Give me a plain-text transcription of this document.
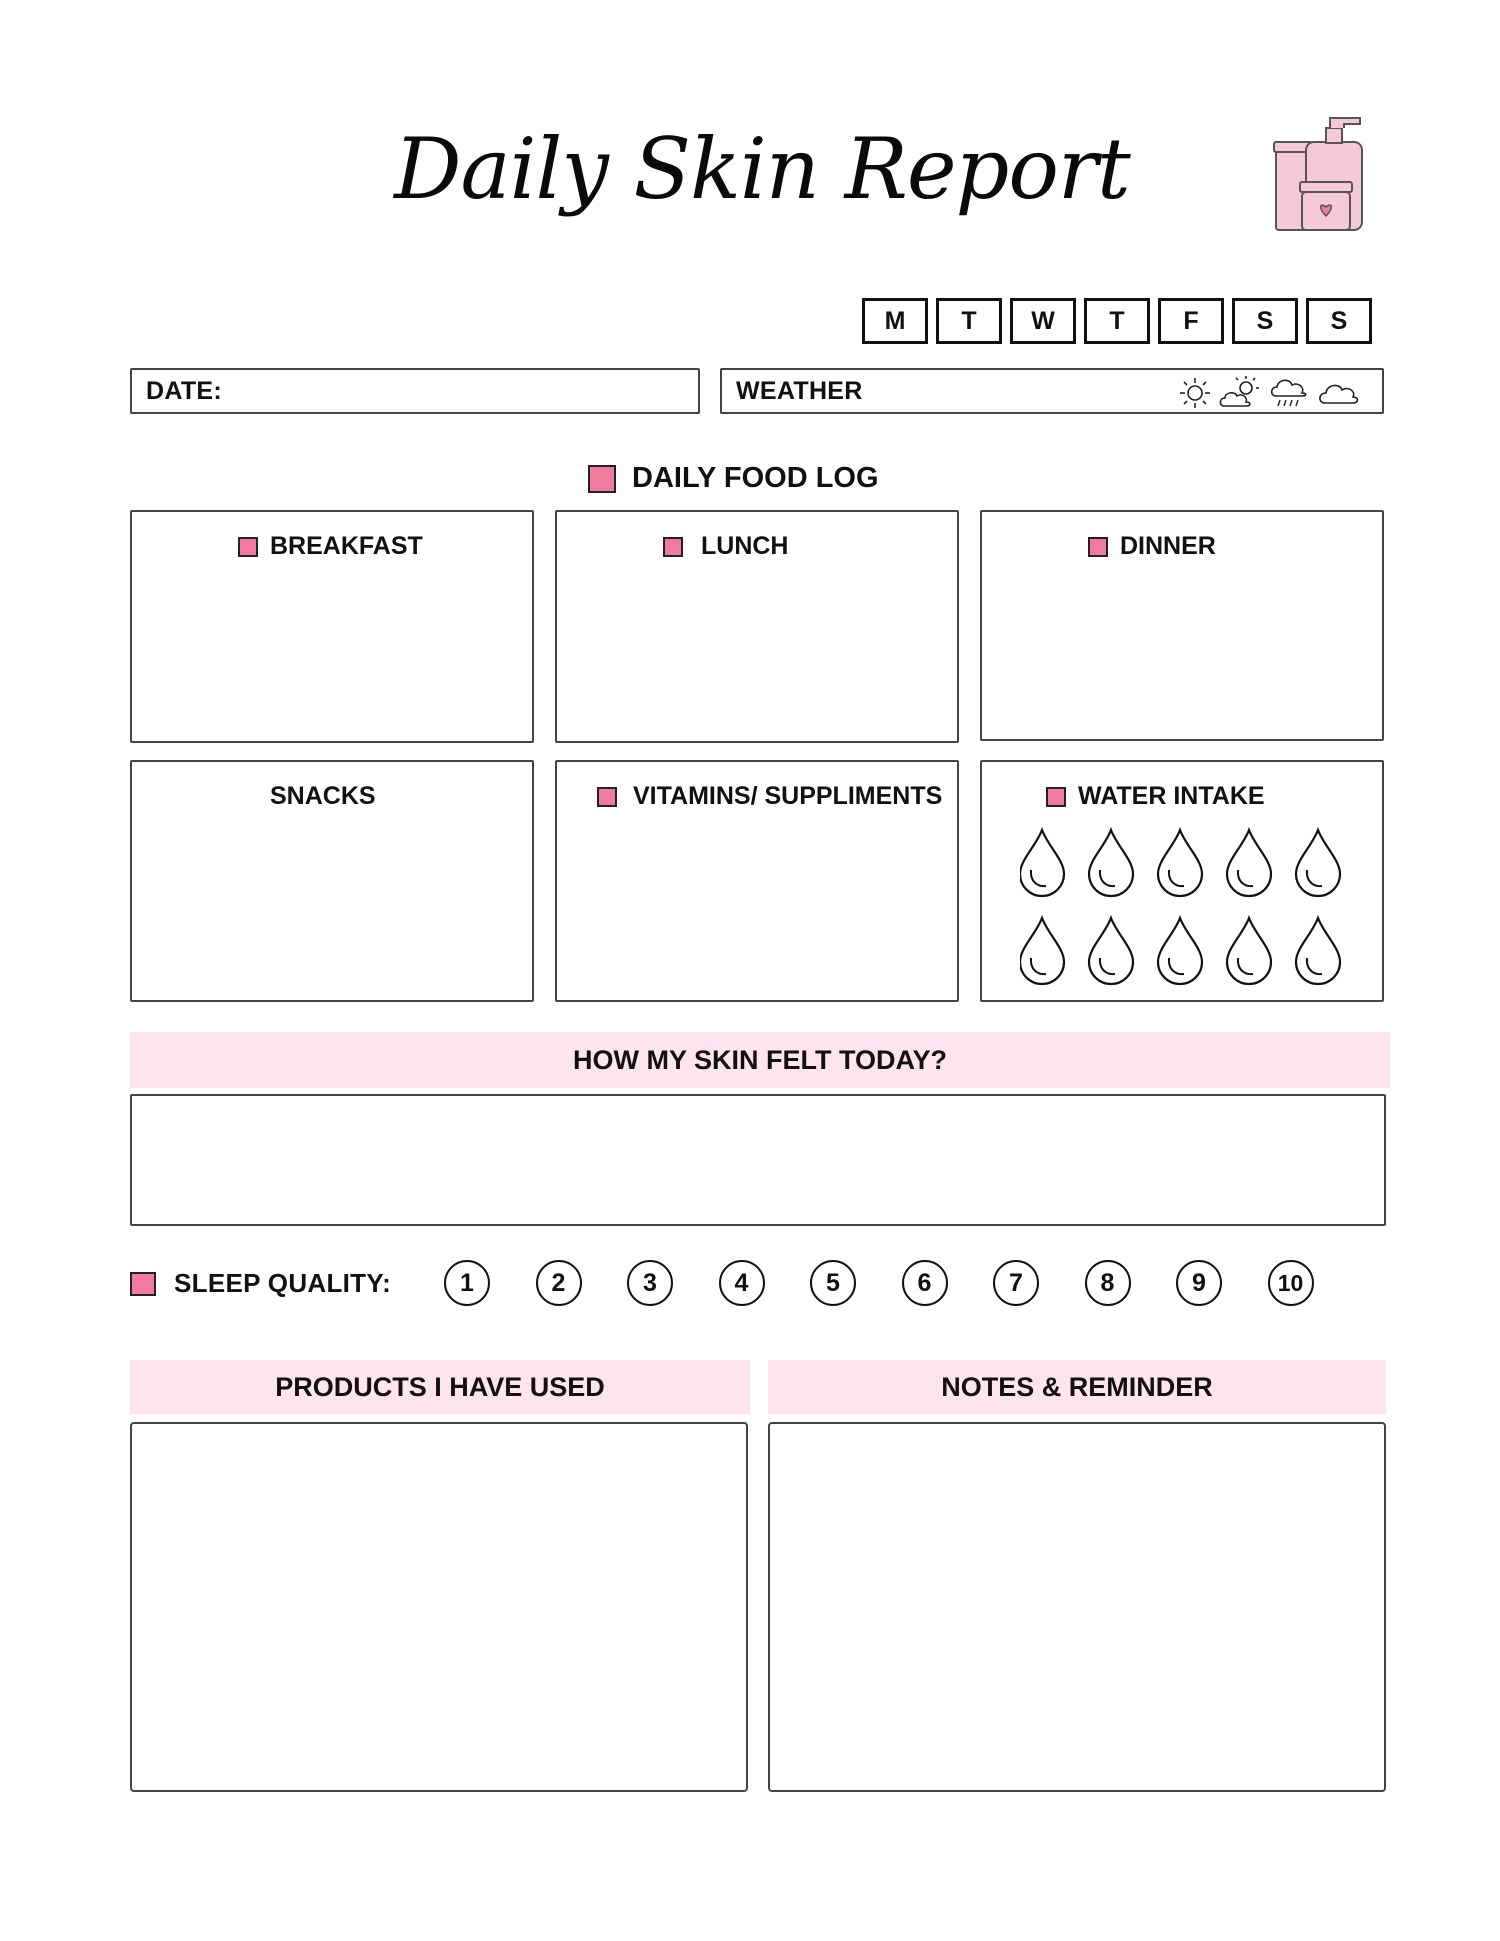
Daily Skin Report
M	T	W	T	F	S	S
DATE:	WEATHER
DAILY FOOD LOG
BREAKFAST	LUNCH	DINNER
SNACKS	VITAMINS/ SUPPLIMENTS	WATER INTAKE
HOW MY SKIN FELT TODAY?
SLEEP QUALITY:	1	2	3	4	5	6	7	8	9	10
PRODUCTS I HAVE USED	NOTES & REMINDER
